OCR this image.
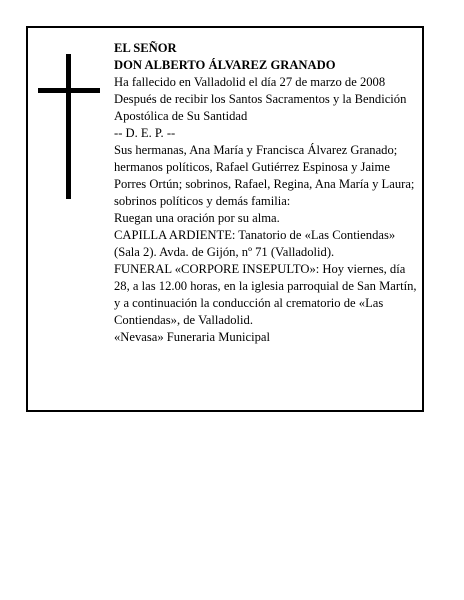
EL SEÑOR

DON ALBERTO ÁLVAREZ GRANADO

Ha fallecido en Valladolid el día 27 de marzo de 2008

Después de recibir los Santos Sacramentos y la Bendición Apostólica de Su Santidad

-- D. E. P. --

Sus hermanas, Ana María y Francisca Álvarez Granado; hermanos políticos, Rafael Gutiérrez Espinosa y Jaime Porres Ortún; sobrinos, Rafael, Regina, Ana María y Laura; sobrinos políticos y demás familia:

Ruegan una oración por su alma.

CAPILLA ARDIENTE: Tanatorio de «Las Contiendas» (Sala 2). Avda. de Gijón, nº 71 (Valladolid).

FUNERAL «CORPORE INSEPULTO»: Hoy viernes, día 28, a las 12.00 horas, en la iglesia parroquial de San Martín, y a continuación la conducción al crematorio de «Las Contiendas», de Valladolid.

«Nevasa» Funeraria Municipal
